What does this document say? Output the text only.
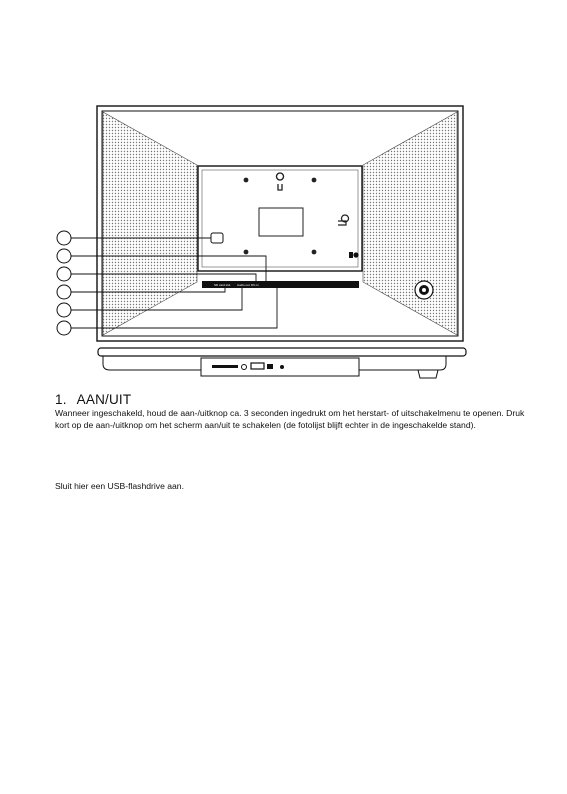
SD card slot Audio out DC-in
1. AAN/UIT
Wanneer ingeschakeld, houd de aan-/uitknop ca. 3 seconden ingedrukt om het herstart- of uitschakelmenu te openen. Druk kort op de aan-/uitknop om het scherm aan/uit te schakelen (de fotolijst blijft echter in de ingeschakelde stand).
Sluit hier een USB-flashdrive aan.
